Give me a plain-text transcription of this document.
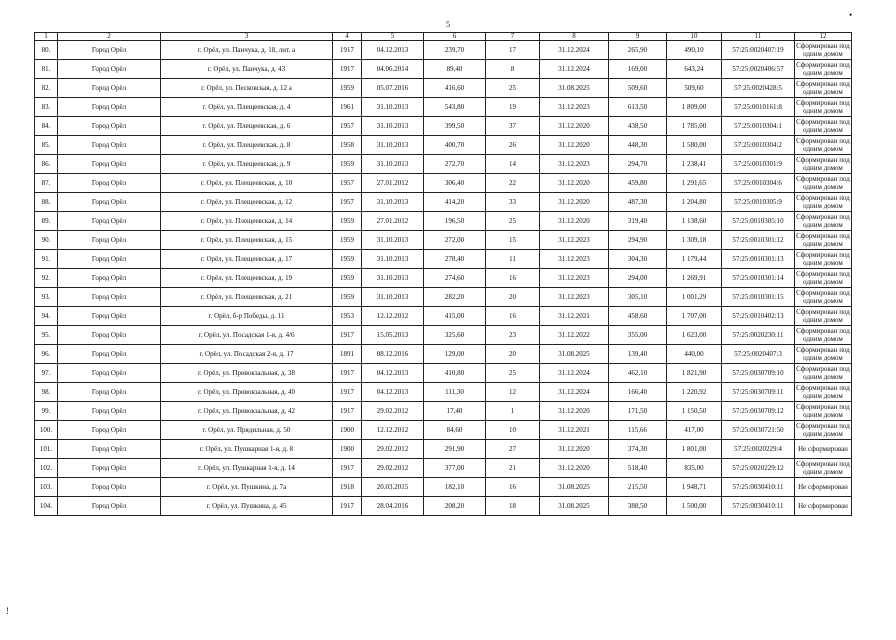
5
•
!
1	2	3	4	5	6	7	8	9	10	11	12
80.	Город Орёл	г. Орёл, ул. Панчука, д. 18, лит. а	1917	04.12.2013	239,70	17	31.12.2024	265,90	490,10	57:25:0020407:19	Сформирован под одним домом
81.	Город Орёл	г. Орёл, ул. Панчука, д. 43	1917	04.06.2014	89,40	8	31.12.2024	169,00	643,24	57:25:0020406:57	Сформирован под одним домом
82.	Город Орёл	г. Орёл, ул. Песковская, д. 12 а	1959	05.07.2016	416,60	25	31.08.2025	509,60	509,60	57:25:0020428:5	Сформирован под одним домом
83.	Город Орёл	г. Орёл, ул. Плещеевская, д. 4	1961	31.10.2013	543,80	19	31.12.2023	613,50	1 809,00	57:25:0010161:8	Сформирован под одним домом
84.	Город Орёл	г. Орёл, ул. Плещеевская, д. 6	1957	31.10.2013	399,50	37	31.12.2020	438,50	1 785,00	57:25:0010304:1	Сформирован под одним домом
85.	Город Орёл	г. Орёл, ул. Плещеевская, д. 8	1958	31.10.2013	400,70	26	31.12.2020	448,30	1 580,00	57:25:0010304:2	Сформирован под одним домом
86.	Город Орёл	г. Орёл, ул. Плещеевская, д. 9	1959	31.10.2013	272,70	14	31.12.2023	294,70	1 238,41	57:25:0010301:9	Сформирован под одним домом
87.	Город Орёл	г. Орёл, ул. Плещеевская, д. 10	1957	27.01.2012	306,40	22	31.12.2020	459,80	1 291,65	57:25:0010304:6	Сформирован под одним домом
88.	Город Орёл	г. Орёл, ул. Плещеевская, д. 12	1957	31.10.2013	414,20	33	31.12.2020	487,30	1 204,80	57:25:0010305:9	Сформирован под одним домом
89.	Город Орёл	г. Орёл, ул. Плещеевская, д. 14	1959	27.01.2012	196,50	25	31.12.2020	319,40	1 138,60	57:25:0010305:10	Сформирован под одним домом
90.	Город Орёл	г. Орёл, ул. Плещеевская, д. 15	1959	31.10.2013	272,00	15	31.12.2023	294,90	1 309,18	57:25:0010301:12	Сформирован под одним домом
91.	Город Орёл	г. Орёл, ул. Плещеевская, д. 17	1959	31.10.2013	278,40	11	31.12.2023	304,30	1 179,44	57:25:0010301:13	Сформирован под одним домом
92.	Город Орёл	г. Орёл, ул. Плещеевская, д. 19	1959	31.10.2013	274,60	16	31.12.2023	294,00	1 269,91	57:25:0010301:14	Сформирован под одним домом
93.	Город Орёл	г. Орёл, ул. Плещеевская, д. 21	1959	31.10.2013	282,20	20	31.12.2023	305,10	1 001,29	57:25:0010301:15	Сформирован под одним домом
94.	Город Орёл	г. Орёл, б-р Победы, д. 11	1953	12.12.2012	415,00	16	31.12.2021	458,60	1 707,00	57:25:0010402:13	Сформирован под одним домом
95.	Город Орёл	г. Орёл, ул. Посадская 1-я, д. 4/6	1917	15.05.2013	325,60	23	31.12.2022	355,00	1 623,00	57:25:0020230:11	Сформирован под одним домом
96.	Город Орёл	г. Орёл, ул. Посадская 2-я, д. 17	1891	08.12.2016	129,00	20	31.08.2025	139,40	440,00	57:25:0020407:3	Сформирован под одним домом
97.	Город Орёл	г. Орёл, ул. Привокзальная, д. 38	1917	04.12.2013	410,80	25	31.12.2024	462,10	1 821,90	57:25:0030709:10	Сформирован под одним домом
98.	Город Орёл	г. Орёл, ул. Привокзальная, д. 40	1917	04.12.2013	111,30	12	31.12.2024	166,40	1 220,92	57:25:0030709:11	Сформирован под одним домом
99.	Город Орёл	г. Орёл, ул. Привокзальная, д. 42	1917	29.02.2012	17,40	1	31.12.2020	171,50	1 150,50	57:25:0030709:12	Сформирован под одним домом
100.	Город Орёл	г. Орёл, ул. Прядильная, д. 50	1900	12.12.2012	84,60	10	31.12.2021	115,66	417,00	57:25:0030721:50	Сформирован под одним домом
101.	Город Орёл	г. Орёл, ул. Пушкарная 1-я, д. 8	1900	29.02.2012	291,90	27	31.12.2020	374,30	1 801,00	57:25:0020229:4	Не сформирован
102.	Город Орёл	г. Орёл, ул. Пушкарная 1-я, д. 14	1917	29.02.2012	377,00	21	31.12.2020	518,40	835,00	57:25:0020229:12	Сформирован под одним домом
103.	Город Орёл	г. Орёл, ул. Пушкина, д. 7а	1918	20.03.2015	182,10	16	31.08.2025	215,50	1 948,71	57:25:0030410:11	Не сформирован
104.	Город Орёл	г. Орёл, ул. Пушкина, д. 45	1917	28.04.2016	208,20	18	31.08.2025	388,50	1 500,00	57:25:0030410:11	Не сформирован
